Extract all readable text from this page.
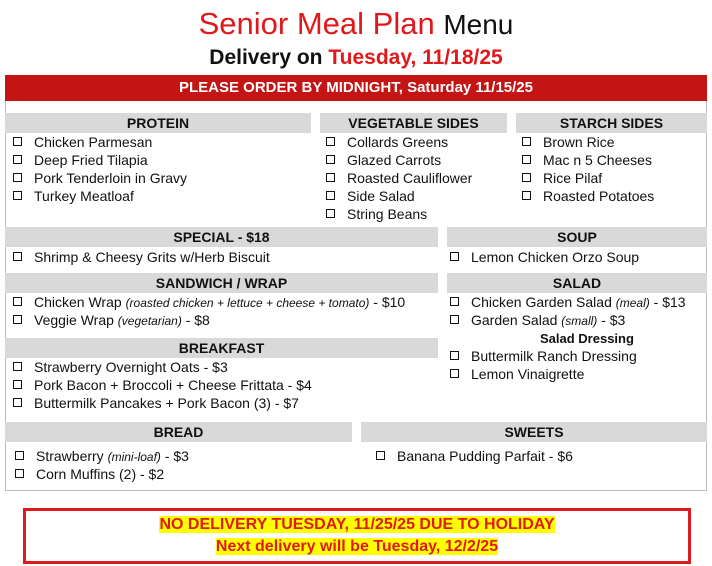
Senior Meal Plan Menu
Delivery on Tuesday, 11/18/25
PLEASE ORDER BY MIDNIGHT, Saturday 11/15/25
PROTEIN	VEGETABLE SIDES	STARCH SIDES
Chicken Parmesan
Deep Fried Tilapia
Pork Tenderloin in Gravy
Turkey Meatloaf
Collards Greens
Glazed Carrots
Roasted Cauliflower
Side Salad
String Beans
Brown Rice
Mac n 5 Cheeses
Rice Pilaf
Roasted Potatoes
SPECIAL - $18	SOUP
Shrimp & Cheesy Grits w/Herb Biscuit	Lemon Chicken Orzo Soup
SANDWICH / WRAP	SALAD
Chicken Wrap (roasted chicken + lettuce + cheese + tomato) - $10
Veggie Wrap (vegetarian) - $8
Chicken Garden Salad (meal) - $13
Garden Salad (small) - $3
Salad Dressing
Buttermilk Ranch Dressing
Lemon Vinaigrette
BREAKFAST
Strawberry Overnight Oats - $3
Pork Bacon + Broccoli + Cheese Frittata - $4
Buttermilk Pancakes + Pork Bacon (3) - $7
BREAD	SWEETS
Strawberry (mini-loaf) - $3
Corn Muffins (2) - $2
Banana Pudding Parfait - $6
NO DELIVERY TUESDAY, 11/25/25 DUE TO HOLIDAY
Next delivery will be Tuesday, 12/2/25
